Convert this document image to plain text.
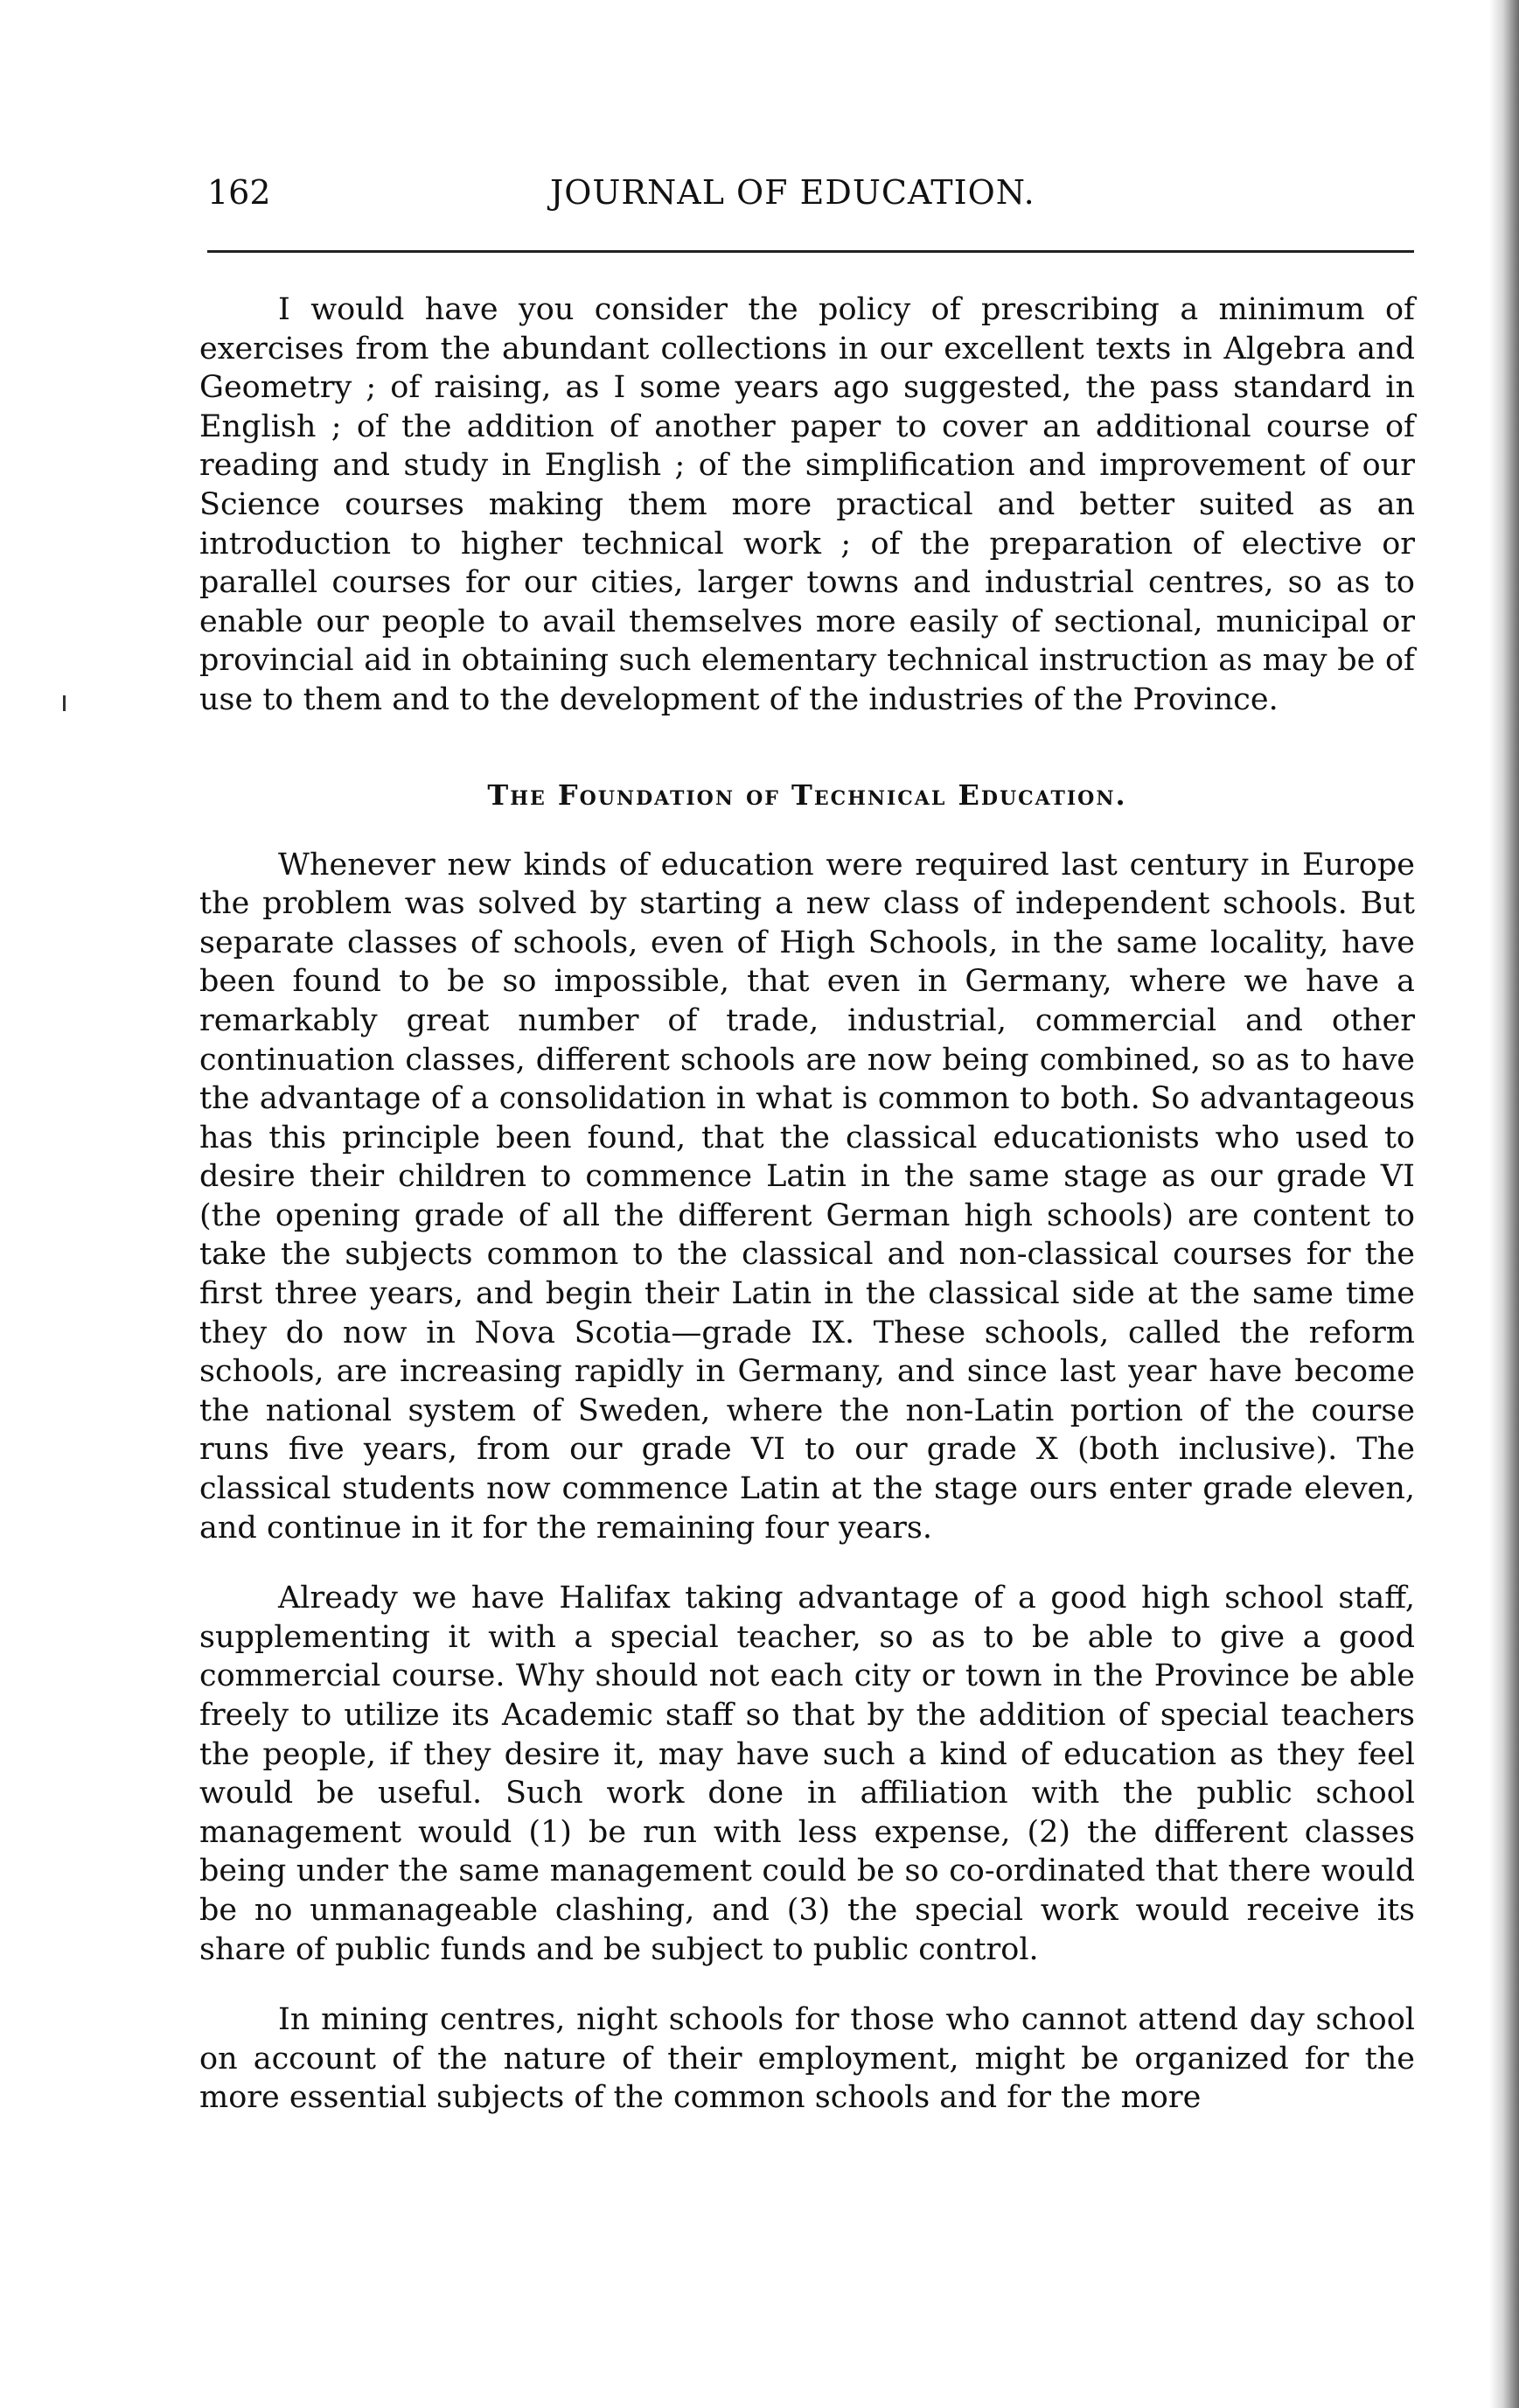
162	JOURNAL OF EDUCATION.

I would have you consider the policy of prescribing a minimum of exercises from the abundant collections in our excellent texts in Algebra and Geometry ; of raising, as I some years ago suggested, the pass standard in English ; of the addition of another paper to cover an additional course of reading and study in English ; of the simplification and improvement of our Science courses making them more practical and better suited as an introduction to higher technical work ; of the preparation of elective or parallel courses for our cities, larger towns and industrial centres, so as to enable our people to avail themselves more easily of sectional, municipal or provincial aid in obtaining such elementary technical instruction as may be of use to them and to the development of the industries of the Province.

The Foundation of Technical Education.

Whenever new kinds of education were required last century in Europe the problem was solved by starting a new class of independent schools. But separate classes of schools, even of High Schools, in the same locality, have been found to be so impossible, that even in Germany, where we have a remarkably great number of trade, industrial, commercial and other continuation classes, different schools are now being combined, so as to have the advantage of a consolidation in what is common to both. So advantageous has this principle been found, that the classical educationists who used to desire their children to commence Latin in the same stage as our grade VI (the opening grade of all the different German high schools) are content to take the subjects common to the classical and non-classical courses for the first three years, and begin their Latin in the classical side at the same time they do now in Nova Scotia—grade IX. These schools, called the reform schools, are increasing rapidly in Germany, and since last year have become the national system of Sweden, where the non-Latin portion of the course runs five years, from our grade VI to our grade X (both inclusive). The classical students now commence Latin at the stage ours enter grade eleven, and continue in it for the remaining four years.

Already we have Halifax taking advantage of a good high school staff, supplementing it with a special teacher, so as to be able to give a good commercial course. Why should not each city or town in the Province be able freely to utilize its Academic staff so that by the addition of special teachers the people, if they desire it, may have such a kind of education as they feel would be useful. Such work done in affiliation with the public school management would (1) be run with less expense, (2) the different classes being under the same management could be so co-ordinated that there would be no unmanageable clashing, and (3) the special work would receive its share of public funds and be subject to public control.

In mining centres, night schools for those who cannot attend day school on account of the nature of their employment, might be organized for the more essential subjects of the common schools and for the more
